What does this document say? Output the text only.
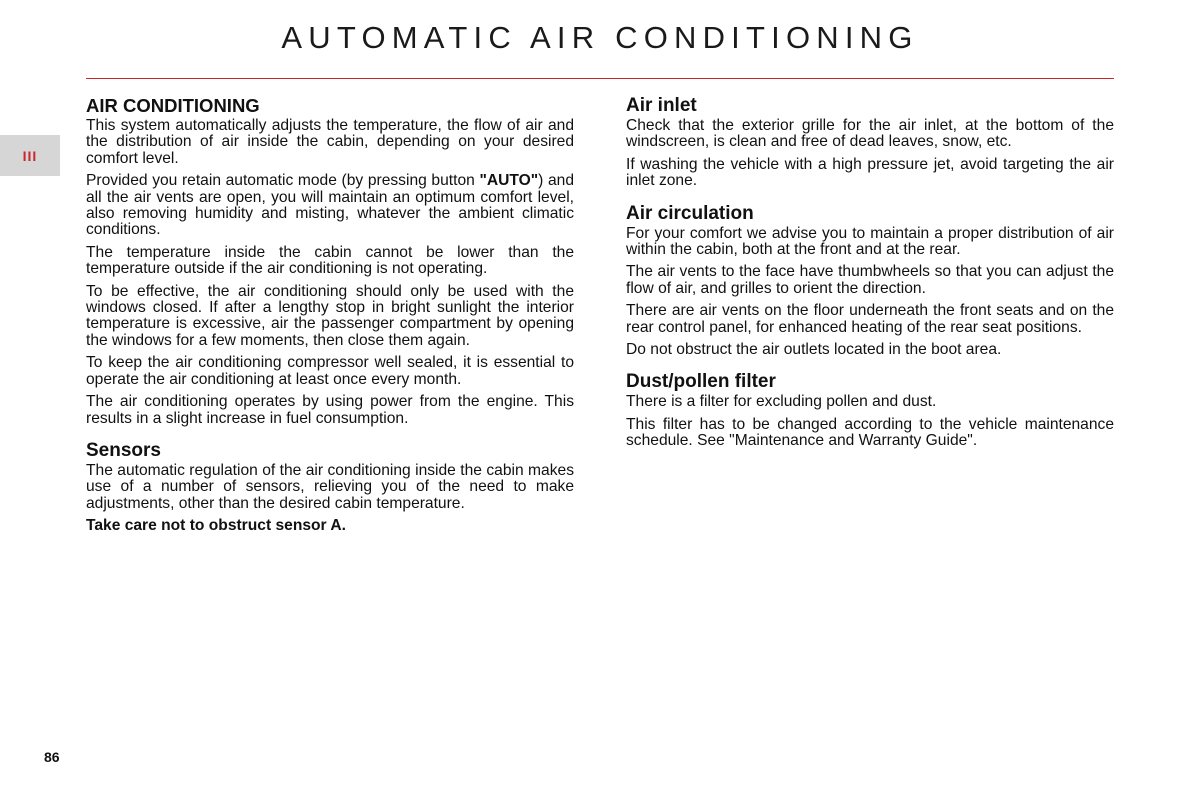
AUTOMATIC AIR CONDITIONING
III
AIR CONDITIONING

This system automatically adjusts the temperature, the flow of air and the distribution of air inside the cabin, depending on your desired comfort level.

Provided you retain automatic mode (by pressing button "AUTO") and all the air vents are open, you will maintain an optimum comfort level, also removing humidity and misting, whatever the ambient climatic conditions.

The temperature inside the cabin cannot be lower than the temperature outside if the air conditioning is not operating.

To be effective, the air conditioning should only be used with the windows closed. If after a lengthy stop in bright sunlight the interior temperature is excessive, air the passenger compartment by opening the windows for a few moments, then close them again.

To keep the air conditioning compressor well sealed, it is essential to operate the air conditioning at least once every month.

The air conditioning operates by using power from the engine. This results in a slight increase in fuel consumption.

Sensors

The automatic regulation of the air conditioning inside the cabin makes use of a number of sensors, relieving you of the need to make adjustments, other than the desired cabin temperature.

Take care not to obstruct sensor A.

Air inlet

Check that the exterior grille for the air inlet, at the bottom of the windscreen, is clean and free of dead leaves, snow, etc.

If washing the vehicle with a high pressure jet, avoid targeting the air inlet zone.

Air circulation

For your comfort we advise you to maintain a proper distribution of air within the cabin, both at the front and at the rear.

The air vents to the face have thumbwheels so that you can adjust the flow of air, and grilles to orient the direction.

There are air vents on the floor underneath the front seats and on the rear control panel, for enhanced heating of the rear seat positions.

Do not obstruct the air outlets located in the boot area.

Dust/pollen filter

There is a filter for excluding pollen and dust.

This filter has to be changed according to the vehicle maintenance schedule. See "Maintenance and Warranty Guide".

86
